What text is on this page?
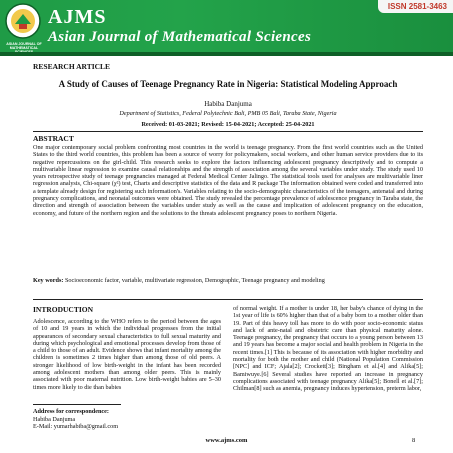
ASIAN JOURNAL OF MATHEMATICAL SCIENCES
AJMS
Asian Journal of Mathematical Sciences
ISSN 2581-3463
RESEARCH ARTICLE
A Study of Causes of Teenage Pregnancy Rate in Nigeria: Statistical Modeling Approach
Habiba Danjuma
Department of Statistics, Federal Polytechnic Bali, PMB 05 Bali, Taraba State, Nigeria
Received: 01-03-2021; Revised: 15-04-2021; Accepted: 25-04-2021
ABSTRACT

One major contemporary social problem confronting most countries in the world is teenage pregnancy. From the first world countries such as the United States to the third world countries, this problem has been a source of worry for policymakers, social workers, and other human service providers due to its negative repercussions on the girl-child. This research seeks to explore the factors influencing adolescent pregnancy descriptively and to compute a multivariable linear regression to examine causal relationships and the strength of association among the several variables under study. The study used 10 years retrospective study of teenage pregnancies managed at Federal Medical Center Jalingo. The statistical tools used for analyses are multivariable liner regression analysis, Chi-square (χ²) test, Charts and descriptive statistics of the data and R package The information obtained were coded and transferred into a template already design for registering such information's. Variables relating to the socio-demographic characteristics of the teenagers, antenatal and during pregnancy complications, and neonatal outcomes were obtained. The study revealed the percentage prevalence of adolescence pregnancy in Taraba state, the direction and strength of association between the variables under study as well as the cause and implication of adolescent pregnancy on the education, economy, and future of the northern region and the solutions to the threats adolescent pregnancy poses to northern Nigeria.

Key words: Socioeconomic factor, variable, multivariate regression, Demographic, Teenage pregnancy and modeling

INTRODUCTION

Adolescence, according to the WHO refers to the period between the ages of 10 and 19 years in which the individual progresses from the initial appearances of secondary sexual characteristics to full sexual maturity and during which psychological and emotional processes develop from those of a child to those of an adult. Evidence shows that infant mortality among the children is sometimes 2 times higher than among those of old peers. A stronger likelihood of low birth-weight in the infant has been recorded among adolescent mothers than among older peers. This is mainly associated with poor maternal nutrition. Low birth-weight babies are 5–30 times more likely to die than babies

of normal weight. If a mother is under 18, her baby's chance of dying in the 1st year of life is 60% higher than that of a baby born to a mother older than 19. Part of this heavy toll has more to do with poor socio-economic status and lack of ante-natal and obstetric care than physical maturity alone. Teenage pregnancy, the pregnancy that occurs to a young person between 13 and 19 years has become a major social and health problem in Nigeria in the recent times.[1] This is because of its association with higher morbidity and mortality for both the mother and child (National Population Commission [NPC] and ICF; Ajala[2]; Crockett[3]; Bingham et al.[4] and Alika[5]; Bamiwuye.[6] Several studies have reported an increase in pregnancy complications associated with teenage pregnancy Alika[5]; Bonell et al.[7]; Chilman[8] such as anemia, pregnancy induces hypertension, preterm labor,

Address for correspondence:
Habiba Danjuma
E-Mail: yumarhabiba@gmail.com
www.ajms.com	8
